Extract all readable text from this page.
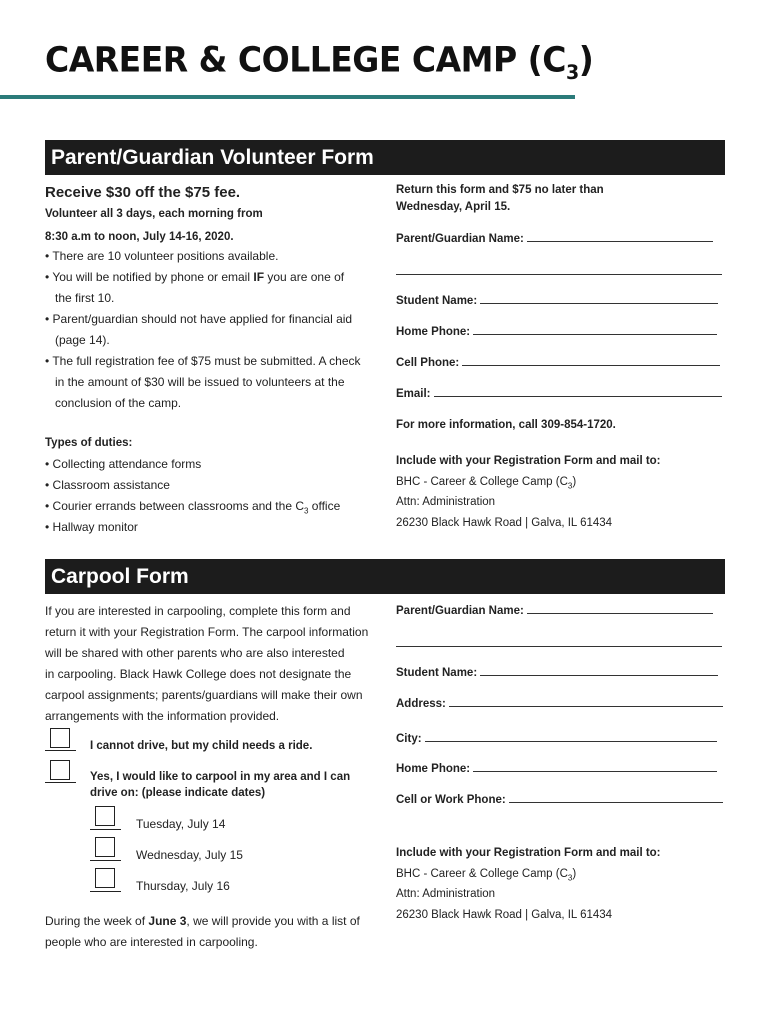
CAREER & COLLEGE CAMP $(C_3)$
Parent/Guardian Volunteer Form
Receive $30 off the $75 fee.
Volunteer all 3 days, each morning from
8:30 a.m to noon, July 14-16, 2020.
• There are 10 volunteer positions available.
• You will be notified by phone or email IF you are one of
the first 10.
• Parent/guardian should not have applied for financial aid
(page 14).
• The full registration fee of $75 must be submitted. A check
in the amount of $30 will be issued to volunteers at the
conclusion of the camp.
Types of duties:
• Collecting attendance forms
• Classroom assistance
• Courier errands between classrooms and the $C_3$ office
• Hallway monitor
Return this form and $75 no later than
Wednesday, April 15.
Parent/Guardian Name:
Student Name:
Home Phone:
Cell Phone:
Email:
For more information, call 309-854-1720.
Include with your Registration Form and mail to:
BHC - Career & College Camp $(C_3)$
Attn: Administration
26230 Black Hawk Road | Galva, IL 61434
Carpool Form
If you are interested in carpooling, complete this form and
return it with your Registration Form. The carpool information
will be shared with other parents who are also interested
in carpooling. Black Hawk College does not designate the
carpool assignments; parents/guardians will make their own
arrangements with the information provided.
I cannot drive, but my child needs a ride.
Yes, I would like to carpool in my area and I can
drive on: (please indicate dates)
Tuesday, July 14
Wednesday, July 15
Thursday, July 16
During the week of June 3, we will provide you with a list of
people who are interested in carpooling.
Parent/Guardian Name:
Student Name:
Address:
City:
Home Phone:
Cell or Work Phone:
Include with your Registration Form and mail to:
BHC - Career & College Camp $(C_3)$
Attn: Administration
26230 Black Hawk Road | Galva, IL 61434
